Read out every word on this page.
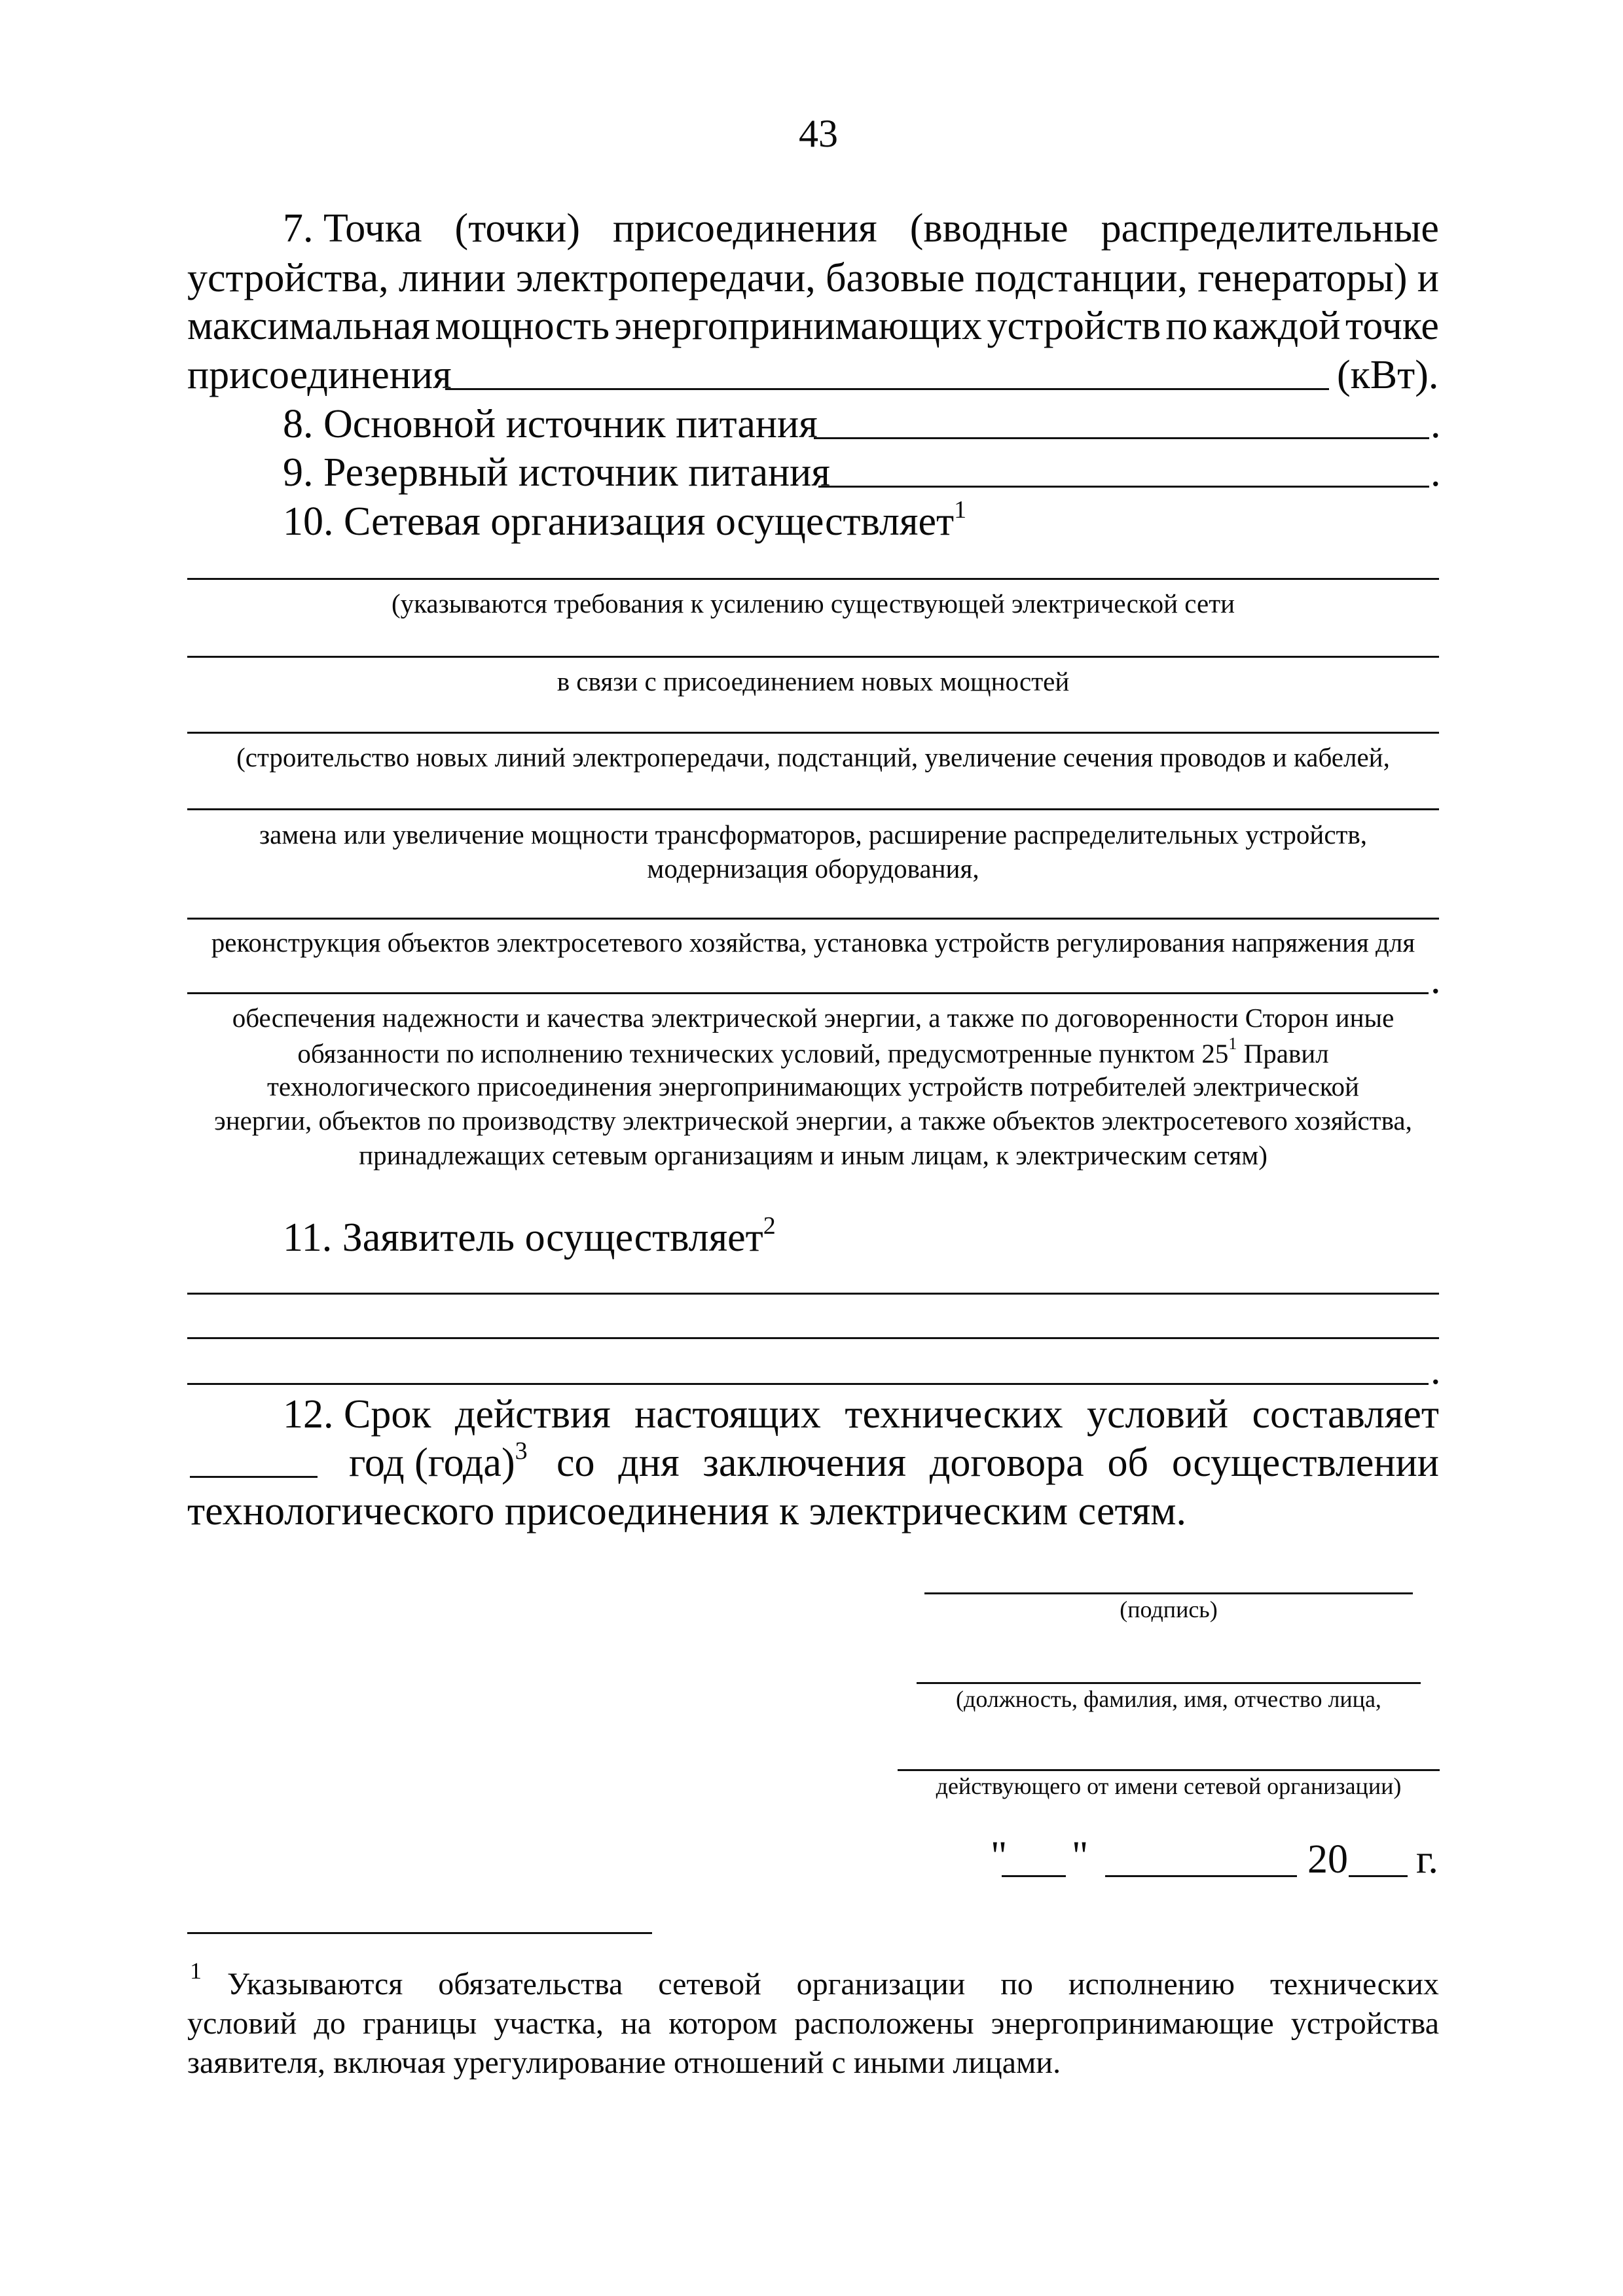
43
7. Точка (точки) присоединения (вводные распределительные
устройства, линии электропередачи, базовые подстанции, генераторы) и
максимальная мощность энергопринимающих устройств по каждой точке
присоединения	(кВт).
8. Основной источник питания	.
9. Резервный источник питания	.
10. Сетевая организация осуществляет$^1$
(указываются требования к усилению существующей электрической сети
в связи с присоединением новых мощностей
(строительство новых линий электропередачи, подстанций, увеличение сечения проводов и кабелей,
замена или увеличение мощности трансформаторов, расширение распределительных устройств,
модернизация оборудования,
реконструкция объектов электросетевого хозяйства, установка устройств регулирования напряжения для
.
обеспечения надежности и качества электрической энергии, а также по договоренности Сторон иные
обязанности по исполнению технических условий, предусмотренные пунктом $25^1$ Правил
технологического присоединения энергопринимающих устройств потребителей электрической
энергии, объектов по производству электрической энергии, а также объектов электросетевого хозяйства,
принадлежащих сетевым организациям и иным лицам, к электрическим сетям)
11. Заявитель осуществляет$^2$
.
12. Срок действия настоящих технических условий составляет
год (года)$^3$ со дня заключения договора об осуществлении
технологического присоединения к электрическим сетям.
(подпись)
(должность, фамилия, имя, отчество лица,
действующего от имени сетевой организации)
" "	20 г.
1 Указываются обязательства сетевой организации по исполнению технических
условий до границы участка, на котором расположены энергопринимающие устройства
заявителя, включая урегулирование отношений с иными лицами.
